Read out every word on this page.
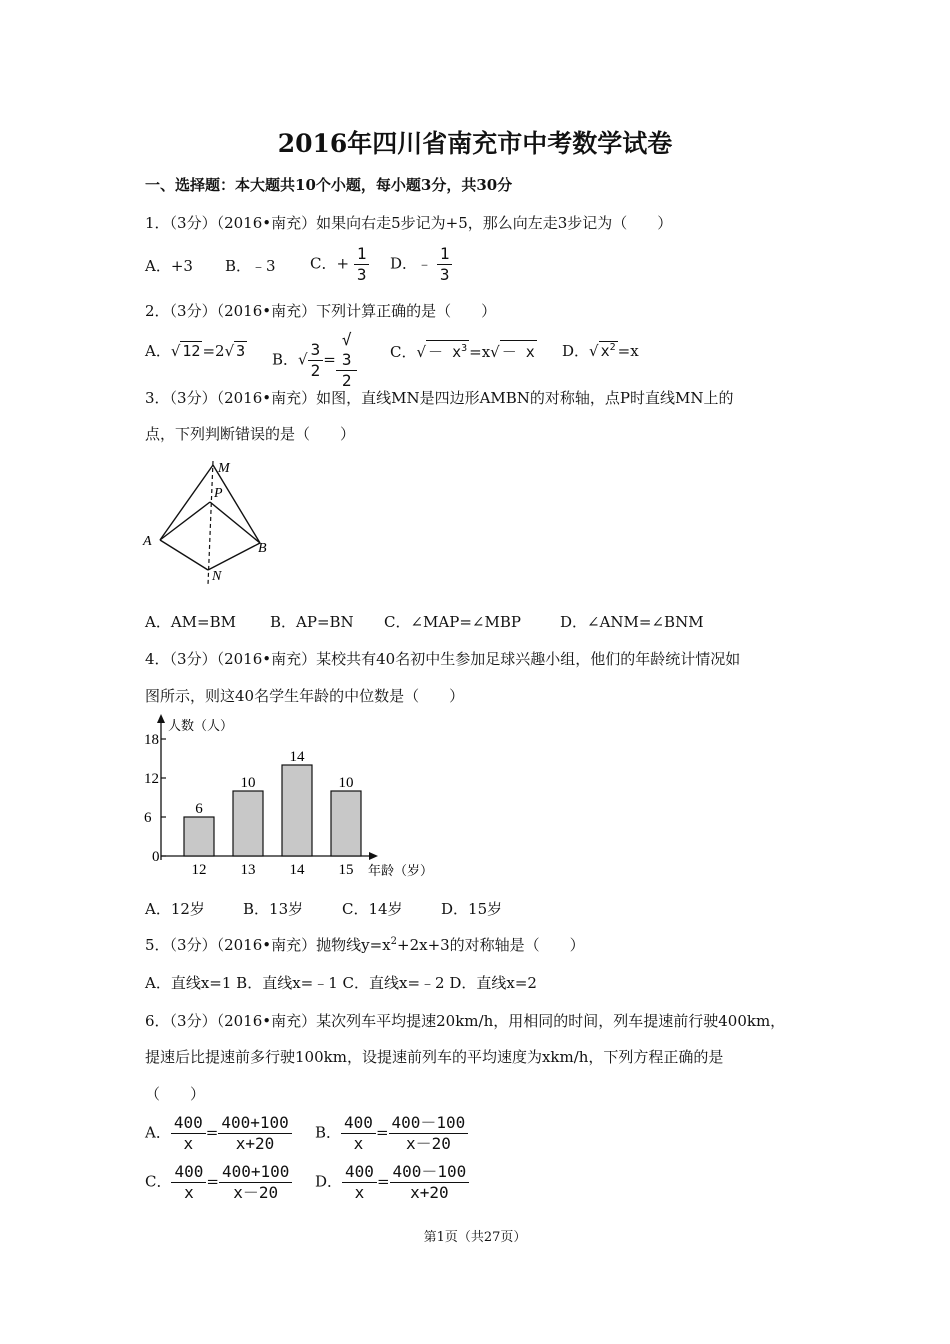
2016年四川省南充市中考数学试卷
一、选择题：本大题共10个小题，每小题3分，共30分
1．（3分）（2016•南充）如果向右走5步记为+5，那么向左走3步记为（　　）
A．+3 B．﹣3 C．+ $\frac{1}{3}$ D．﹣ $\frac{1}{3}$
2．（3分）（2016•南充）下列计算正确的是（　　）
A．√ 12 =2√ 3 B．√ $\frac{3}{2}$ = √
3
2 C．√ － $x^3 =x√ - x$ D．√ $x^2 =x$
3．（3分）（2016•南充）如图，直线MN是四边形AMBN的对称轴，点P时直线MN上的
点，下列判断错误的是（　　）
M
P
A	B
N
A．AM=BM B．AP=BN C．∠MAP=∠MBP	D．∠ANM=∠BNM
4．（3分）（2016•南充）某校共有40名初中生参加足球兴趣小组，他们的年龄统计情况如
图所示，则这40名学生年龄的中位数是（　　）
人数（人）
年龄（岁）
18
12
6
0
6
12
10
13
14
14
10
15
A．12岁	B．13岁	C．14岁	D．15岁
5．（3分）（2016•南充）抛物线$y=x^2+2x+3$的对称轴是（　　）
A．直线x=1 B．直线x=﹣1 C．直线x=﹣2 D．直线x=2
6．（3分）（2016•南充）某次列车平均提速20km/h，用相同的时间，列车提速前行驶400km，
提速后比提速前多行驶100km，设提速前列车的平均速度为xkm/h，下列方程正确的是
（　　）
A． $\frac{400}{x} = \frac{400+100}{x+20}$ B． $\frac{400}{x} = \frac{400-100}{x-20}$
C． $\frac{400}{x} = \frac{400+100}{x-20}$ D． $\frac{400}{x} = \frac{400-100}{x+20}$
第1页（共27页）
